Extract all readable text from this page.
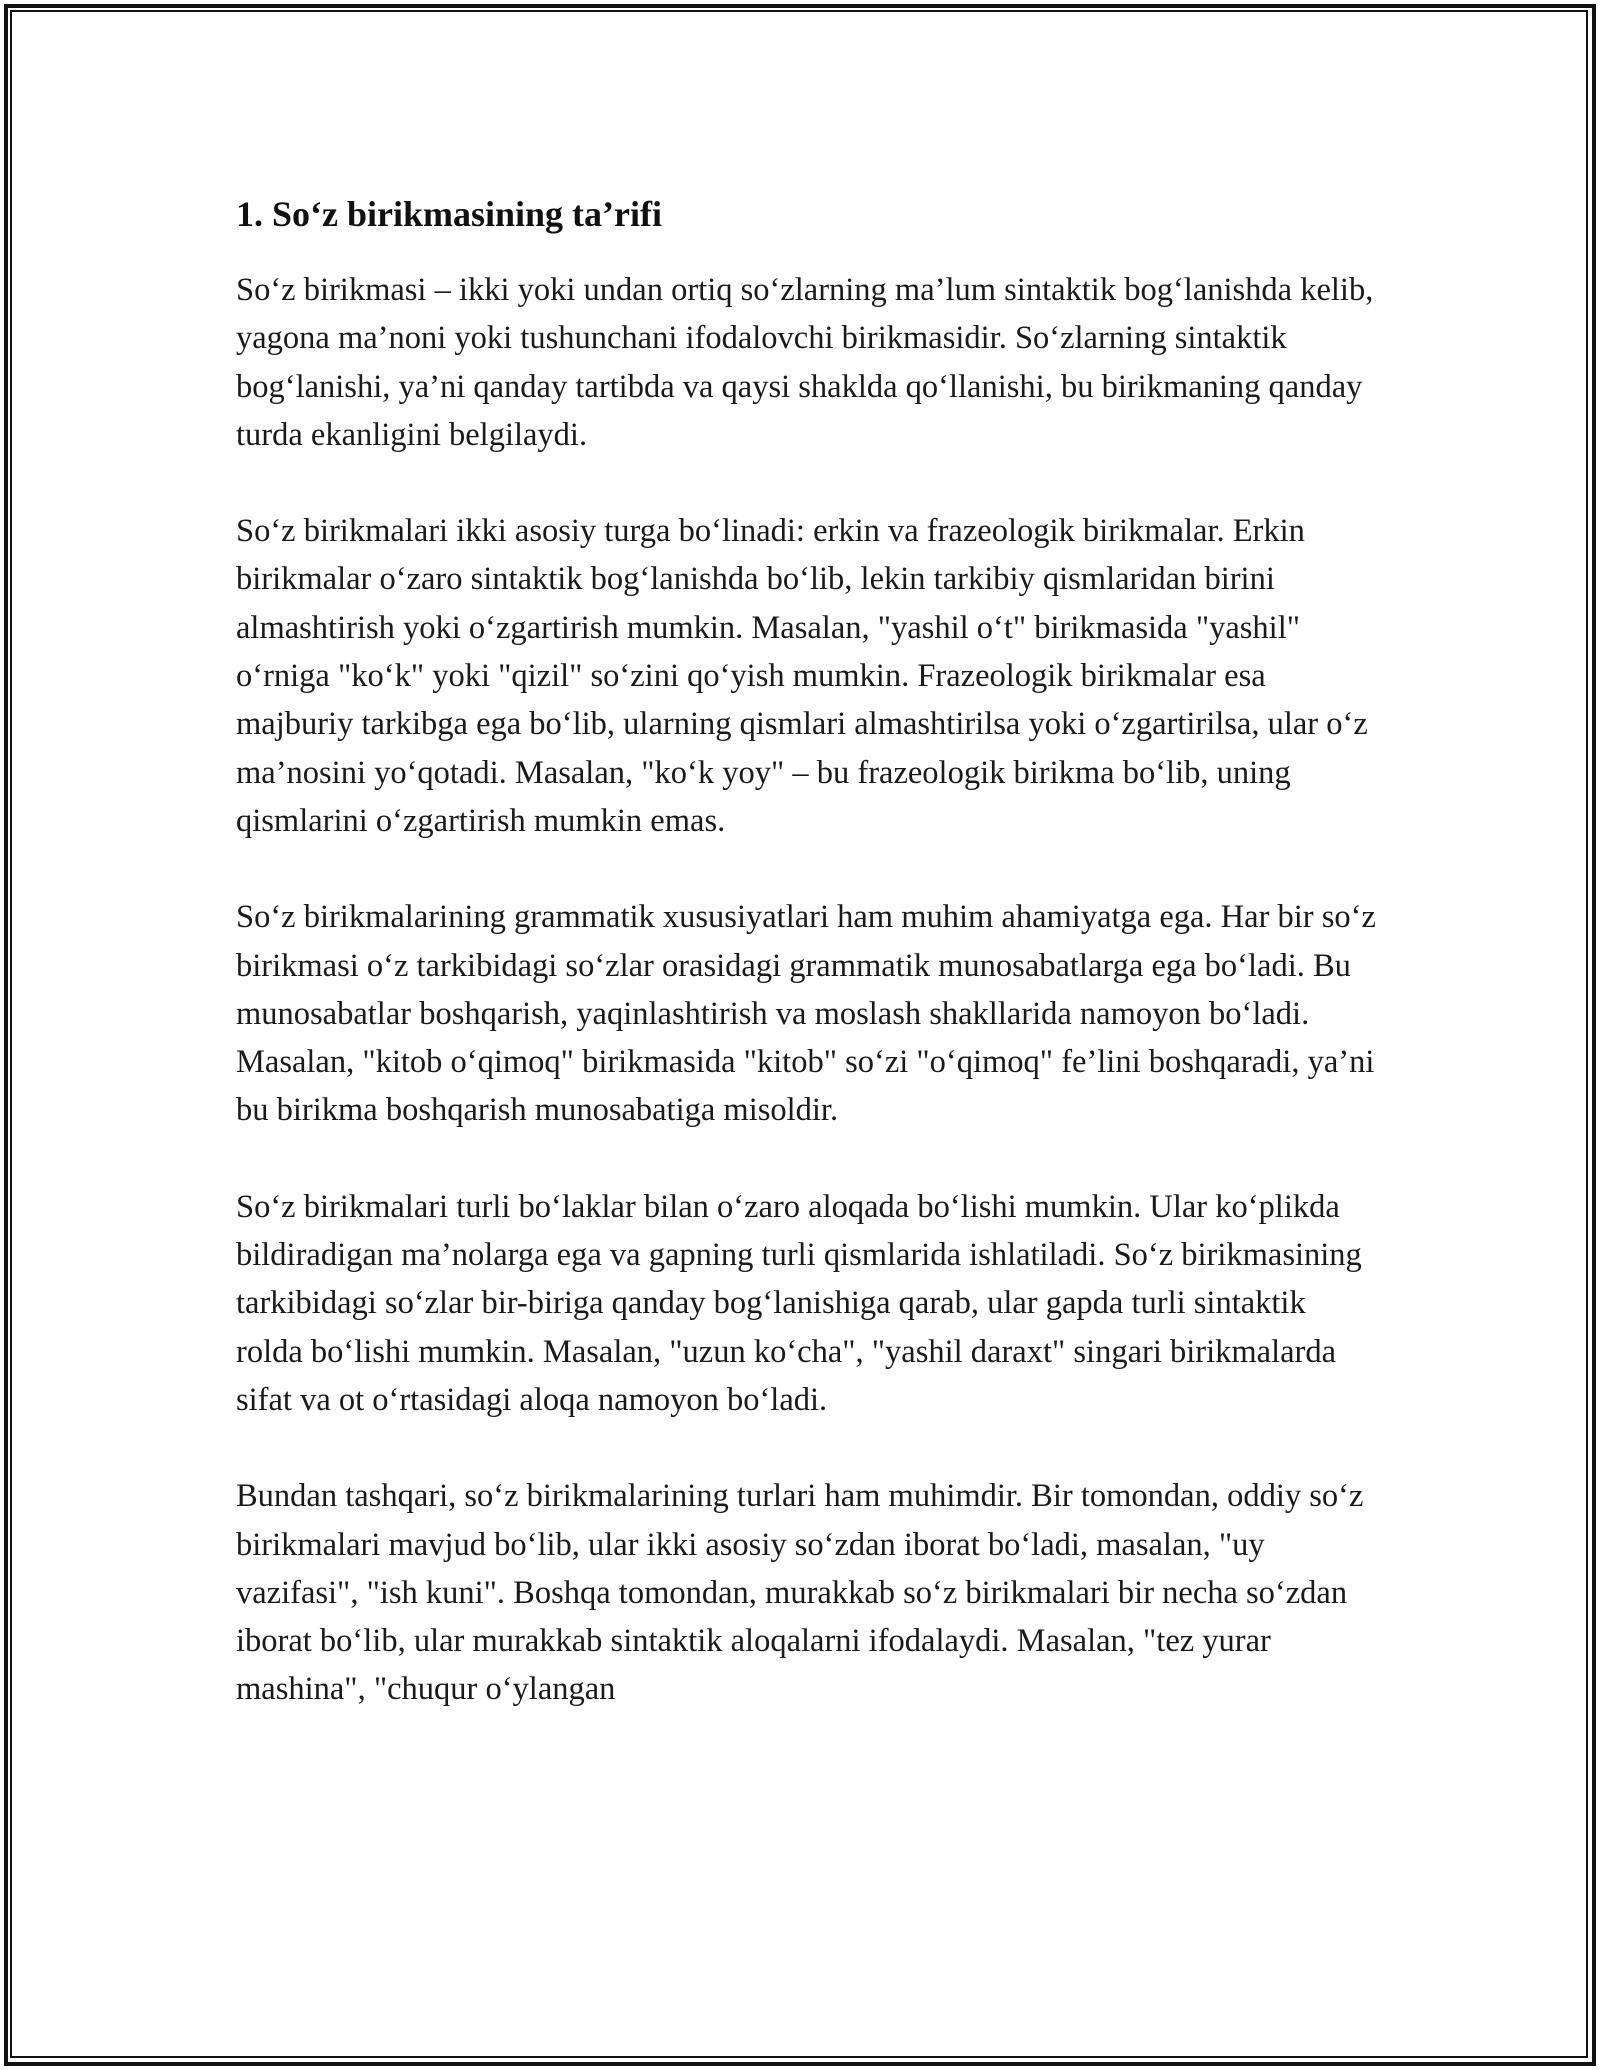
1. So‘z birikmasining ta’rifi

So‘z birikmasi – ikki yoki undan ortiq so‘zlarning ma’lum sintaktik bog‘lanishda kelib, yagona ma’noni yoki tushunchani ifodalovchi birikmasidir. So‘zlarning sintaktik bog‘lanishi, ya’ni qanday tartibda va qaysi shaklda qo‘llanishi, bu birikmaning qanday turda ekanligini belgilaydi.

So‘z birikmalari ikki asosiy turga bo‘linadi: erkin va frazeologik birikmalar. Erkin birikmalar o‘zaro sintaktik bog‘lanishda bo‘lib, lekin tarkibiy qismlaridan birini almashtirish yoki o‘zgartirish mumkin. Masalan, "yashil o‘t" birikmasida "yashil" o‘rniga "ko‘k" yoki "qizil" so‘zini qo‘yish mumkin. Frazeologik birikmalar esa majburiy tarkibga ega bo‘lib, ularning qismlari almashtirilsa yoki o‘zgartirilsa, ular o‘z ma’nosini yo‘qotadi. Masalan, "ko‘k yoy" – bu frazeologik birikma bo‘lib, uning qismlarini o‘zgartirish mumkin emas.

So‘z birikmalarining grammatik xususiyatlari ham muhim ahamiyatga ega. Har bir so‘z birikmasi o‘z tarkibidagi so‘zlar orasidagi grammatik munosabatlarga ega bo‘ladi. Bu munosabatlar boshqarish, yaqinlashtirish va moslash shakllarida namoyon bo‘ladi. Masalan, "kitob o‘qimoq" birikmasida "kitob" so‘zi "o‘qimoq" fe’lini boshqaradi, ya’ni bu birikma boshqarish munosabatiga misoldir.

So‘z birikmalari turli bo‘laklar bilan o‘zaro aloqada bo‘lishi mumkin. Ular ko‘plikda bildiradigan ma’nolarga ega va gapning turli qismlarida ishlatiladi. So‘z birikmasining tarkibidagi so‘zlar bir-biriga qanday bog‘lanishiga qarab, ular gapda turli sintaktik rolda bo‘lishi mumkin. Masalan, "uzun ko‘cha", "yashil daraxt" singari birikmalarda sifat va ot o‘rtasidagi aloqa namoyon bo‘ladi.

Bundan tashqari, so‘z birikmalarining turlari ham muhimdir. Bir tomondan, oddiy so‘z birikmalari mavjud bo‘lib, ular ikki asosiy so‘zdan iborat bo‘ladi, masalan, "uy vazifasi", "ish kuni". Boshqa tomondan, murakkab so‘z birikmalari bir necha so‘zdan iborat bo‘lib, ular murakkab sintaktik aloqalarni ifodalaydi. Masalan, "tez yurar mashina", "chuqur o‘ylangan
